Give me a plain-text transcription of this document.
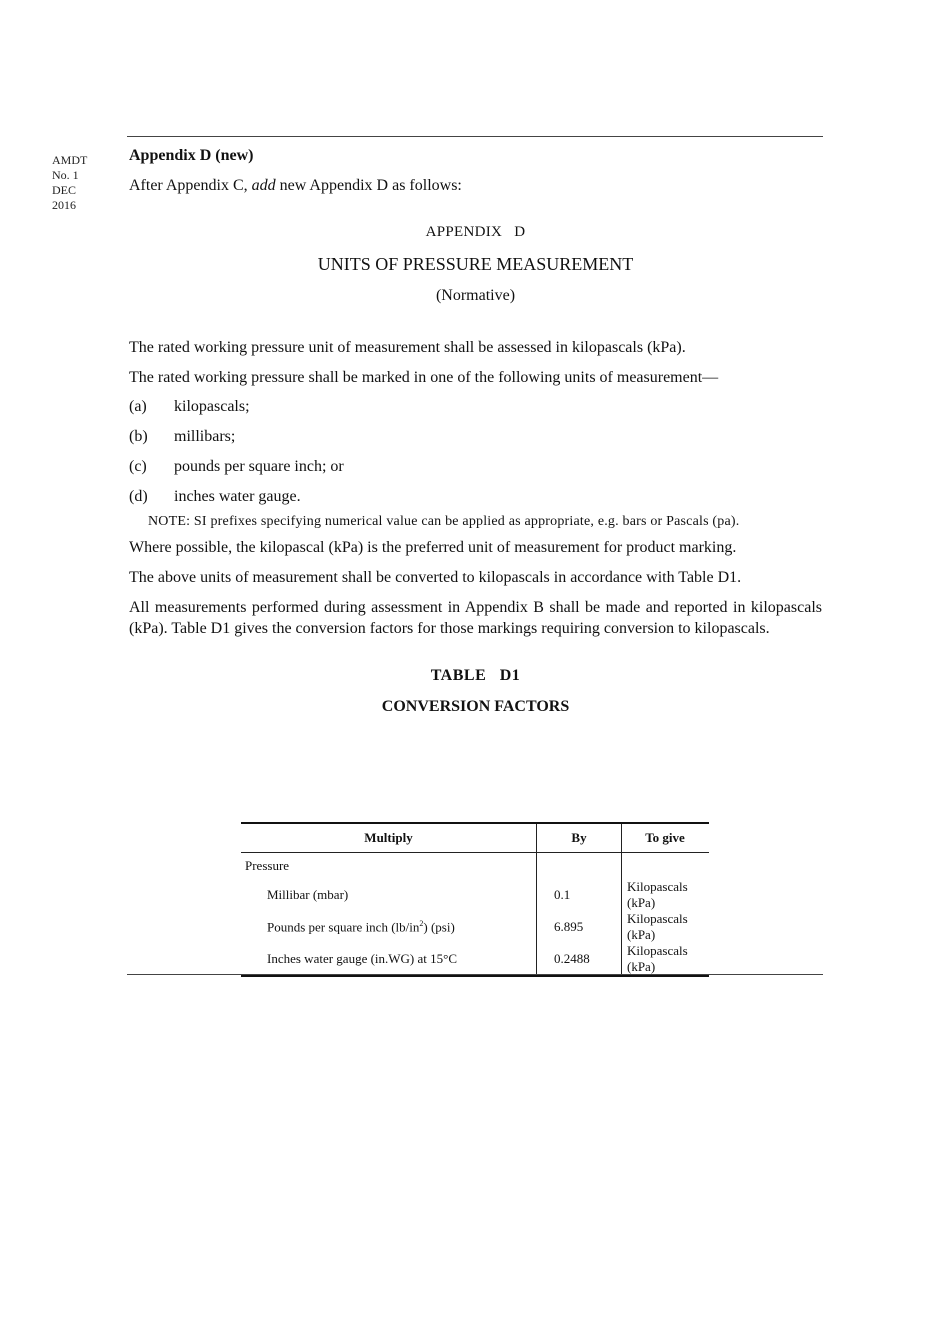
AMDT
No. 1
DEC
2016

Appendix D (new)

After Appendix C, add new Appendix D as follows:

APPENDIX   D
UNITS OF PRESSURE MEASUREMENT
(Normative)

The rated working pressure unit of measurement shall be assessed in kilopascals (kPa).

The rated working pressure shall be marked in one of the following units of measurement—

(a)	kilopascals;
(b)	millibars;
(c)	pounds per square inch; or
(d)	inches water gauge.

NOTE: SI prefixes specifying numerical value can be applied as appropriate, e.g. bars or Pascals (pa).

Where possible, the kilopascal (kPa) is the preferred unit of measurement for product marking.

The above units of measurement shall be converted to kilopascals in accordance with Table D1.

All measurements performed during assessment in Appendix B shall be made and reported in kilopascals (kPa). Table D1 gives the conversion factors for those markings requiring conversion to kilopascals.

TABLE   D1
CONVERSION FACTORS
Multiply	By	To give
Pressure		
Millibar (mbar)	0.1	Kilopascals (kPa)
Pounds per square inch $(lb/in^2)$ (psi)	6.895	Kilopascals (kPa)
Inches water gauge (in.WG) at 15°C	0.2488	Kilopascals (kPa)
